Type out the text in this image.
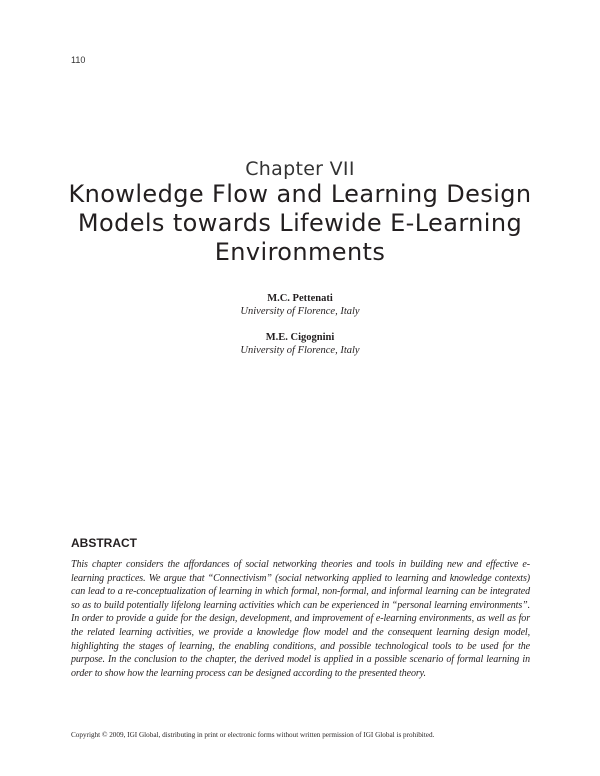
110
Chapter VII
Knowledge Flow and Learning Design Models towards Lifewide E-Learning Environments
M.C. Pettenati
University of Florence, Italy
M.E. Cigognini
University of Florence, Italy
ABSTRACT
This chapter considers the affordances of social networking theories and tools in building new and effective e-learning practices. We argue that “Connectivism” (social networking applied to learning and knowledge contexts) can lead to a re-conceptualization of learning in which formal, non-formal, and informal learning can be integrated so as to build potentially lifelong learning activities which can be experienced in “personal learning environments”. In order to provide a guide for the design, development, and improvement of e-learning environments, as well as for the related learning activities, we provide a knowledge flow model and the consequent learning design model, highlighting the stages of learning, the enabling conditions, and possible technological tools to be used for the purpose. In the conclusion to the chapter, the derived model is applied in a possible scenario of formal learning in order to show how the learning process can be designed according to the presented theory.
Copyright © 2009, IGI Global, distributing in print or electronic forms without written permission of IGI Global is prohibited.
